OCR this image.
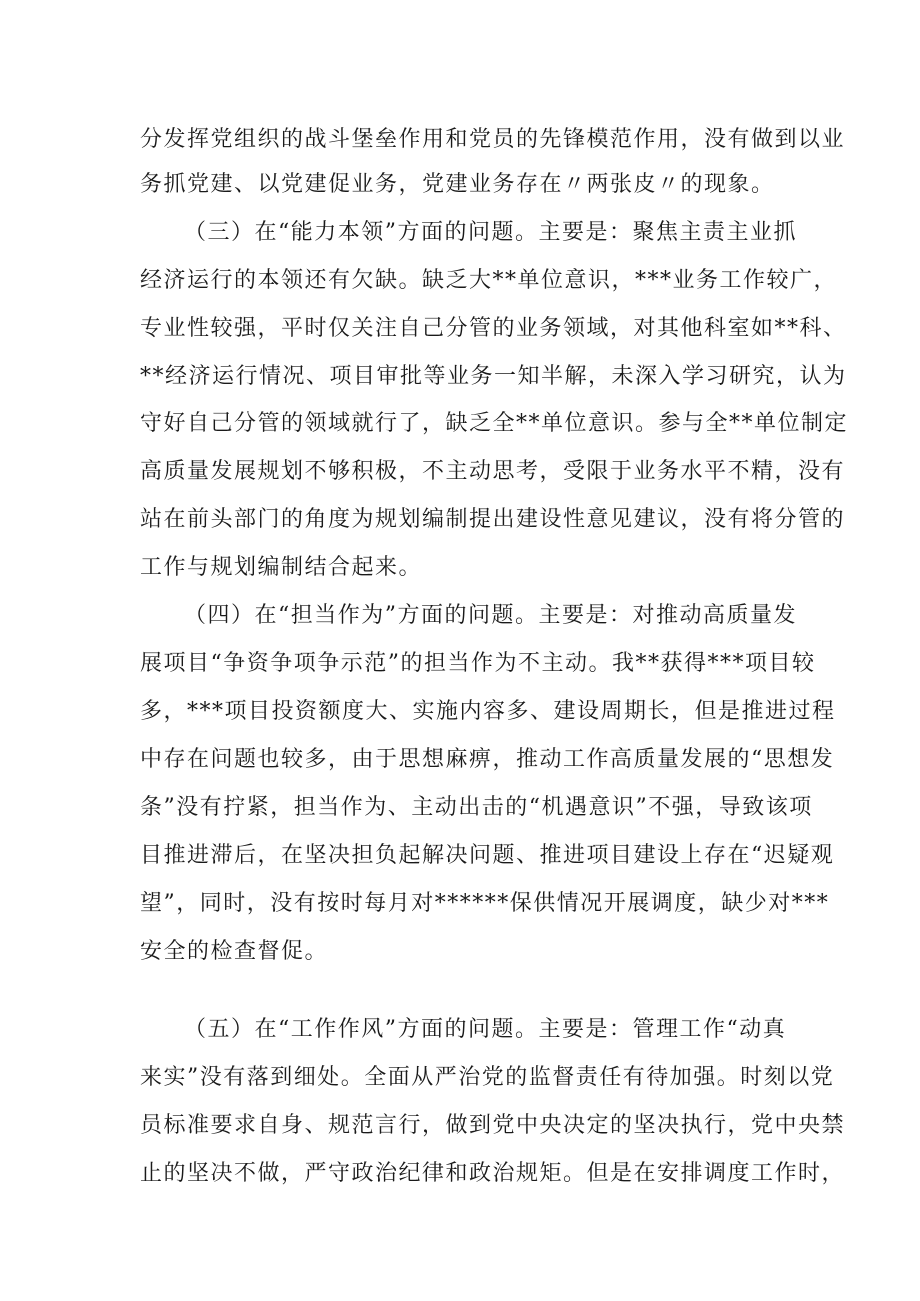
分发挥党组织的战斗堡垒作用和党员的先锋模范作用，没有做到以业
务抓党建、以党建促业务，党建业务存在〃两张皮〃的现象。
（三）在“能力本领”方面的问题。主要是：聚焦主责主业抓
经济运行的本领还有欠缺。缺乏大**单位意识，***业务工作较广，
专业性较强，平时仅关注自己分管的业务领域，对其他科室如**科、
**经济运行情况、项目审批等业务一知半解，未深入学习研究，认为
守好自己分管的领域就行了，缺乏全**单位意识。参与全**单位制定
高质量发展规划不够积极，不主动思考，受限于业务水平不精，没有
站在前头部门的角度为规划编制提出建设性意见建议，没有将分管的
工作与规划编制结合起来。
（四）在“担当作为”方面的问题。主要是：对推动高质量发
展项目“争资争项争示范”的担当作为不主动。我**获得***项目较
多，***项目投资额度大、实施内容多、建设周期长，但是推进过程
中存在问题也较多，由于思想麻痹，推动工作高质量发展的“思想发
条”没有拧紧，担当作为、主动出击的“机遇意识”不强，导致该项
目推进滞后，在坚决担负起解决问题、推进项目建设上存在“迟疑观
望”，同时，没有按时每月对******保供情况开展调度，缺少对***
安全的检查督促。
（五）在“工作作风”方面的问题。主要是：管理工作“动真
来实”没有落到细处。全面从严治党的监督责任有待加强。时刻以党
员标准要求自身、规范言行，做到党中央决定的坚决执行，党中央禁
止的坚决不做，严守政治纪律和政治规矩。但是在安排调度工作时，
